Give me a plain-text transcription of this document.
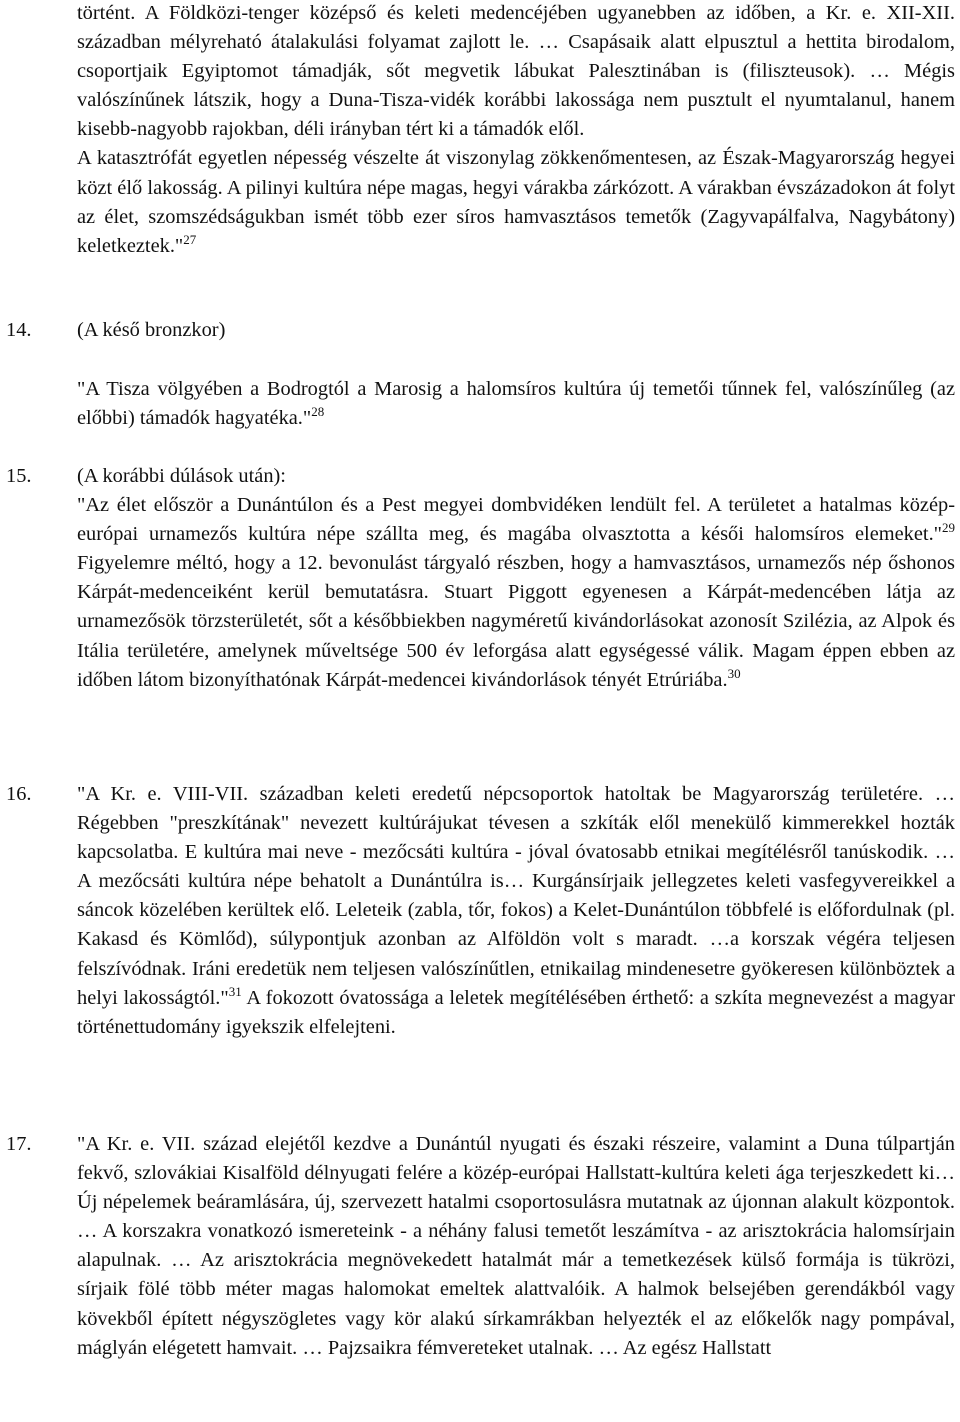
történt. A Földközi-tenger középső és keleti medencéjében ugyanebben az időben, a Kr. e. XII-XII. században mélyreható átalakulási folyamat zajlott le. … Csapásaik alatt elpusztul a hettita birodalom, csoportjaik Egyiptomot támadják, sőt megvetik lábukat Palesztinában is (filiszteusok). … Mégis valószínűnek látszik, hogy a Duna-Tisza-vidék korábbi lakossága nem pusztult el nyumtalanul, hanem kisebb-nagyobb rajokban, déli irányban tért ki a támadók elől.

A katasztrófát egyetlen népesség vészelte át viszonylag zökkenőmentesen, az Észak-Magyarország hegyei közt élő lakosság. A pilinyi kultúra népe magas, hegyi várakba zárkózott. A várakban évszázadokon át folyt az élet, szomszédságukban ismét több ezer síros hamvasztásos temetők (Zagyvapálfalva, Nagybátony) keletkeztek."$^{27}$

14.	(A késő bronzkor)

"A Tisza völgyében a Bodrogtól a Marosig a halomsíros kultúra új temetői tűnnek fel, valószínűleg (az előbbi) támadók hagyatéka."$^{28}$

15.	(A korábbi dúlások után):

"Az élet először a Dunántúlon és a Pest megyei dombvidéken lendült fel. A területet a hatalmas közép-európai urnamezős kultúra népe szállta meg, és magába olvasztotta a késői halomsíros elemeket."$^{29}$ Figyelemre méltó, hogy a 12. bevonulást tárgyaló részben, hogy a hamvasztásos, urnamezős nép őshonos Kárpát-medenceiként kerül bemutatásra. Stuart Piggott egyenesen a Kárpát-medencében látja az urnamezősök törzsterületét, sőt a későbbiekben nagyméretű kivándorlásokat azonosít Szilézia, az Alpok és Itália területére, amelynek műveltsége 500 év leforgása alatt egységessé válik. Magam éppen ebben az időben látom bizonyíthatónak Kárpát-medencei kivándorlások tényét Etrúriába.$^{30}$

16.	"A Kr. e. VIII-VII. században keleti eredetű népcsoportok hatoltak be Magyarország területére. … Régebben "preszkítának" nevezett kultúrájukat tévesen a szkíták elől menekülő kimmerekkel hozták kapcsolatba. E kultúra mai neve - mezőcsáti kultúra - jóval óvatosabb etnikai megítélésről tanúskodik. … A mezőcsáti kultúra népe behatolt a Dunántúlra is… Kurgánsírjaik jellegzetes keleti vasfegyvereikkel a sáncok közelében kerültek elő. Leleteik (zabla, tőr, fokos) a Kelet-Dunántúlon többfelé is előfordulnak (pl. Kakasd és Kömlőd), súlypontjuk azonban az Alföldön volt s maradt. …a korszak végéra teljesen felszívódnak. Iráni eredetük nem teljesen valószínűtlen, etnikailag mindenesetre gyökeresen különböztek a helyi lakosságtól."$^{31}$ A fokozott óvatossága a leletek megítélésében érthető: a szkíta megnevezést a magyar történettudomány igyekszik elfelejteni.

17.	"A Kr. e. VII. század elejétől kezdve a Dunántúl nyugati és északi részeire, valamint a Duna túlpartján fekvő, szlovákiai Kisalföld délnyugati felére a közép-európai Hallstatt-kultúra keleti ága terjeszkedett ki… Új népelemek beáramlására, új, szervezett hatalmi csoportosulásra mutatnak az újonnan alakult központok. … A korszakra vonatkozó ismereteink - a néhány falusi temetőt leszámítva - az arisztokrácia halomsírjain alapulnak. … Az arisztokrácia megnövekedett hatalmát már a temetkezések külső formája is tükrözi, sírjaik fölé több méter magas halomokat emeltek alattvalóik. A halmok belsejében gerendákból vagy kövekből épített négyszögletes vagy kör alakú sírkamrákban helyezték el az előkelők nagy pompával, máglyán elégetett hamvait. … Pajzsaikra fémvereteket utalnak. … Az egész Hallstatt
